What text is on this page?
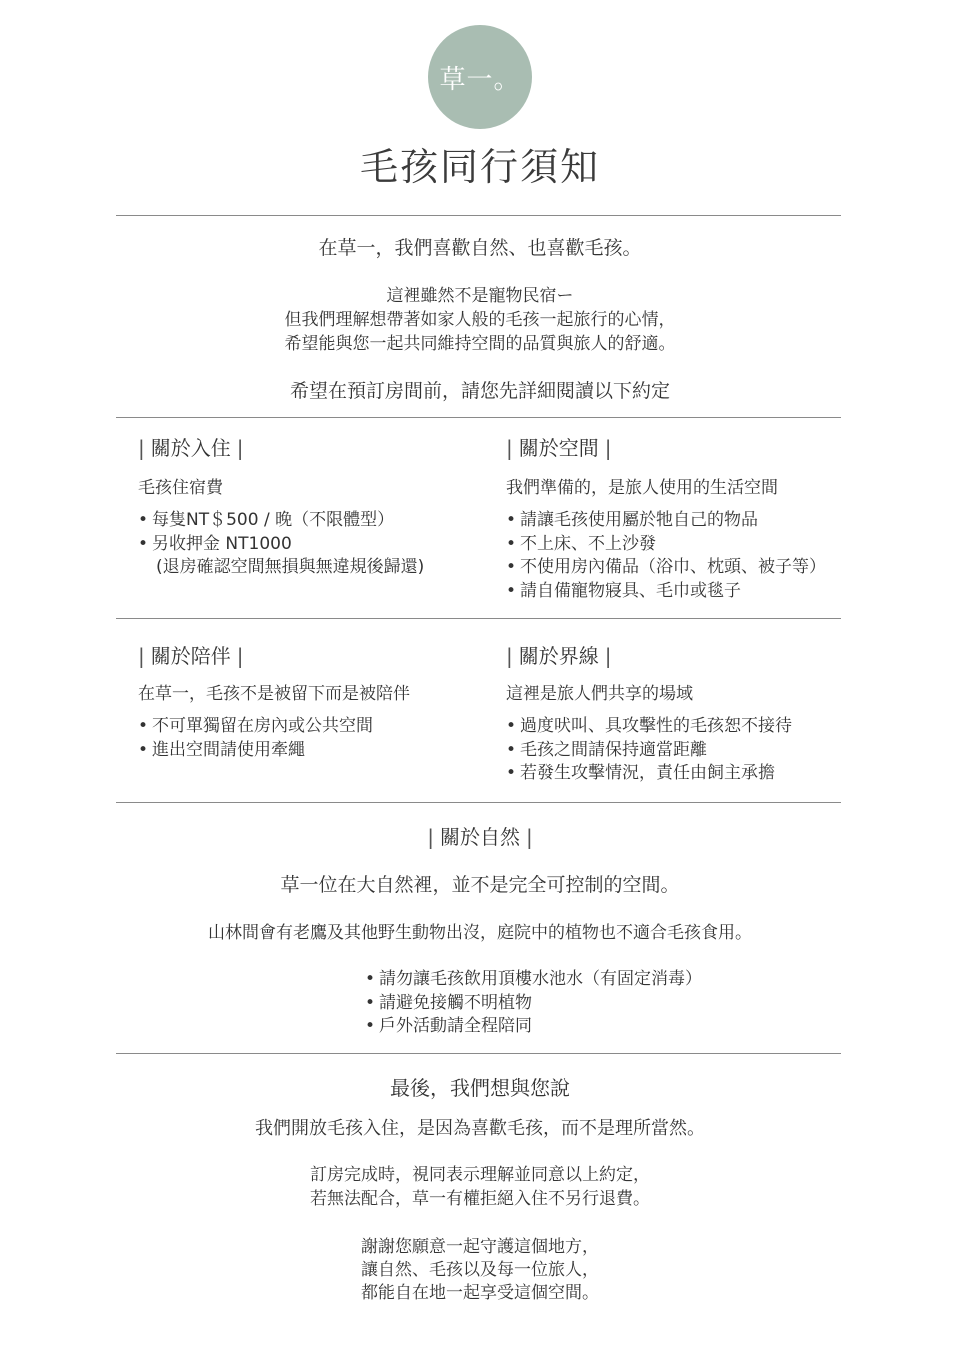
草一。
毛孩同行須知
在草一，我們喜歡自然、也喜歡毛孩。
這裡雖然不是寵物民宿ー
但我們理解想帶著如家人般的毛孩一起旅行的心情，
希望能與您一起共同維持空間的品質與旅人的舒適。
希望在預訂房間前，請您先詳細閱讀以下約定
| 關於入住 |
毛孩住宿費
• 每隻NT＄500 / 晚（不限體型）
• 另收押金 NT1000
(退房確認空間無損與無違規後歸還)
| 關於空間 |
我們準備的，是旅人使用的生活空間
• 請讓毛孩使用屬於牠自己的物品
• 不上床、不上沙發
• 不使用房內備品（浴巾、枕頭、被子等）
• 請自備寵物寢具、毛巾或毯子
| 關於陪伴 |
在草一，毛孩不是被留下而是被陪伴
• 不可單獨留在房內或公共空間
• 進出空間請使用牽繩
| 關於界線 |
這裡是旅人們共享的場域
• 過度吠叫、具攻擊性的毛孩恕不接待
• 毛孩之間請保持適當距離
• 若發生攻擊情況，責任由飼主承擔
| 關於自然 |
草一位在大自然裡，並不是完全可控制的空間。
山林間會有老鷹及其他野生動物出沒，庭院中的植物也不適合毛孩食用。
• 請勿讓毛孩飲用頂樓水池水（有固定消毒）
• 請避免接觸不明植物
• 戶外活動請全程陪同
最後，我們想與您說
我們開放毛孩入住，是因為喜歡毛孩，而不是理所當然。
訂房完成時，視同表示理解並同意以上約定，
若無法配合，草一有權拒絕入住不另行退費。
謝謝您願意一起守護這個地方，
讓自然、毛孩以及每一位旅人，
都能自在地一起享受這個空間。
